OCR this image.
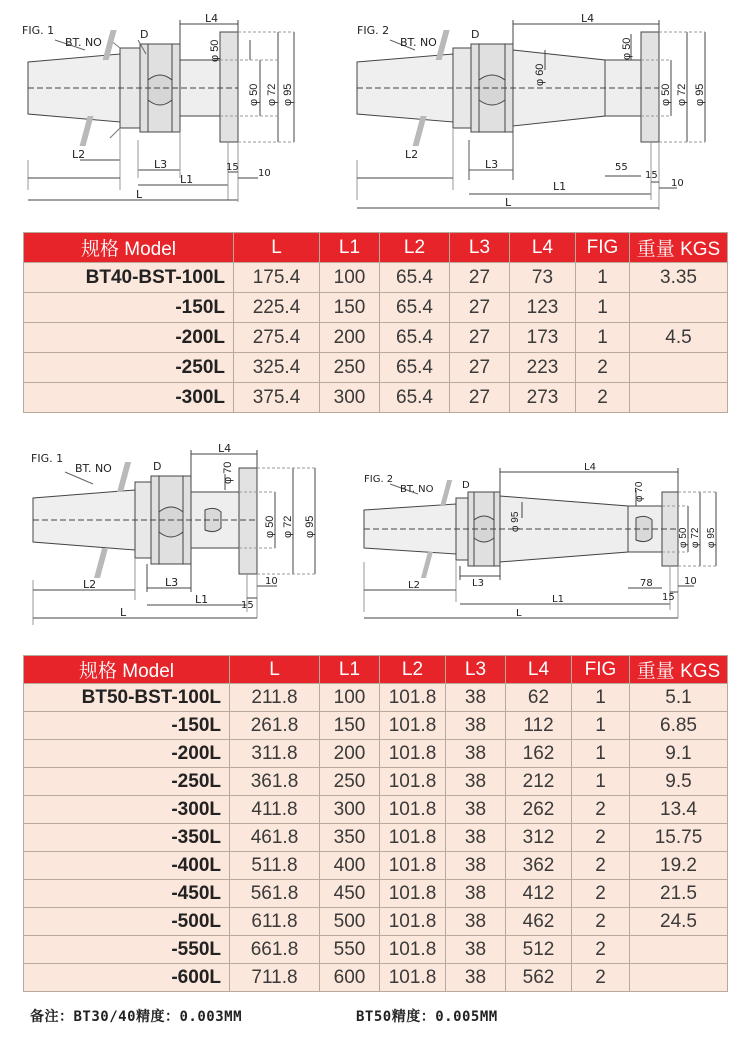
FIG. 1
BT. NO
D
L4
φ 50
φ 50 φ 72 φ 95
L2
L3
L1
L
15
10
FIG. 2
BT. NO
D
L4
φ 50
φ 60
φ 50 φ 72 φ 95
L2
L3	55
L1
L
15
10
规格 Model	L	L1	L2	L3	L4	FIG	重量 KGS
BT40-BST-100L	175.4	100	65.4	27	73	1	3.35
-150L	225.4	150	65.4	27	123	1	
-200L	275.4	200	65.4	27	173	1	4.5
-250L	325.4	250	65.4	27	223	2	
-300L	375.4	300	65.4	27	273	2	
FIG. 1
BT. NO	D
L4
φ 70
φ 50 φ 72 φ 95
L2	L3
L1
L
15
10
FIG. 2
BT. NO	D
L4
φ 95
φ 70
φ 50 φ 72 φ 95
L2	L3	78
L1
L
15
10
规格 Model	L	L1	L2	L3	L4	FIG	重量 KGS
BT50-BST-100L	211.8	100	101.8	38	62	1	5.1
-150L	261.8	150	101.8	38	112	1	6.85
-200L	311.8	200	101.8	38	162	1	9.1
-250L	361.8	250	101.8	38	212	1	9.5
-300L	411.8	300	101.8	38	262	2	13.4
-350L	461.8	350	101.8	38	312	2	15.75
-400L	511.8	400	101.8	38	362	2	19.2
-450L	561.8	450	101.8	38	412	2	21.5
-500L	611.8	500	101.8	38	462	2	24.5
-550L	661.8	550	101.8	38	512	2	
-600L	711.8	600	101.8	38	562	2	
备注：BT30/40精度：0.003MM	BT50精度：0.005MM
